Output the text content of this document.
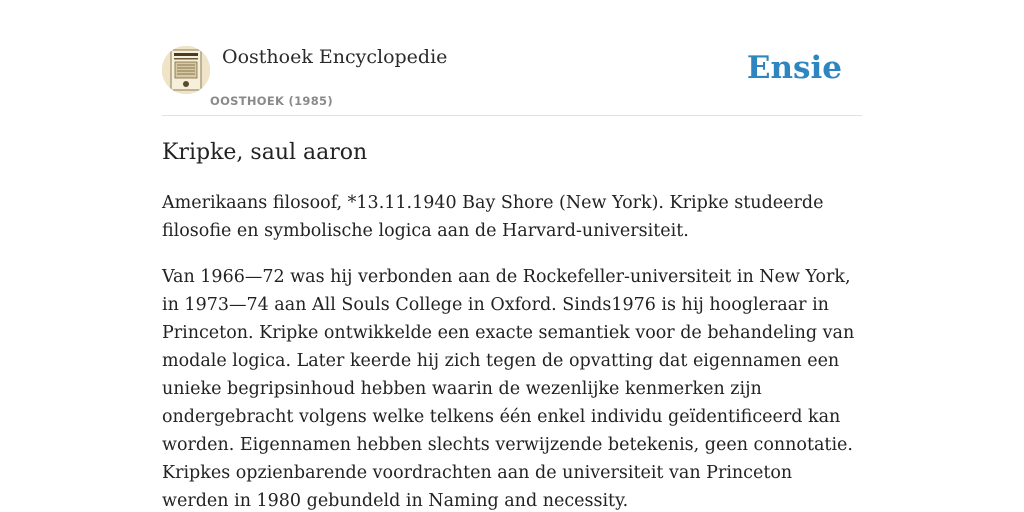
Oosthoek Encyclopedie
OOSTHOEK (1985)
Ensie
Kripke, saul aaron

Amerikaans filosoof, *13.11.1940 Bay Shore (New York). Kripke studeerde filosofie en symbolische logica aan de Harvard-universiteit.

Van 1966—72 was hij verbonden aan de Rockefeller-universiteit in New York, in 1973—74 aan All Souls College in Oxford. Sinds1976 is hij hoogleraar in Princeton. Kripke ontwikkelde een exacte semantiek voor de behandeling van modale logica. Later keerde hij zich tegen de opvatting dat eigennamen een unieke begripsinhoud hebben waarin de wezenlijke kenmerken zijn ondergebracht volgens welke telkens één enkel individu geïdentificeerd kan worden. Eigennamen hebben slechts verwijzende betekenis, geen connotatie. Kripkes opzienbarende voordrachten aan de universiteit van Princeton werden in 1980 gebundeld in Naming and necessity.
